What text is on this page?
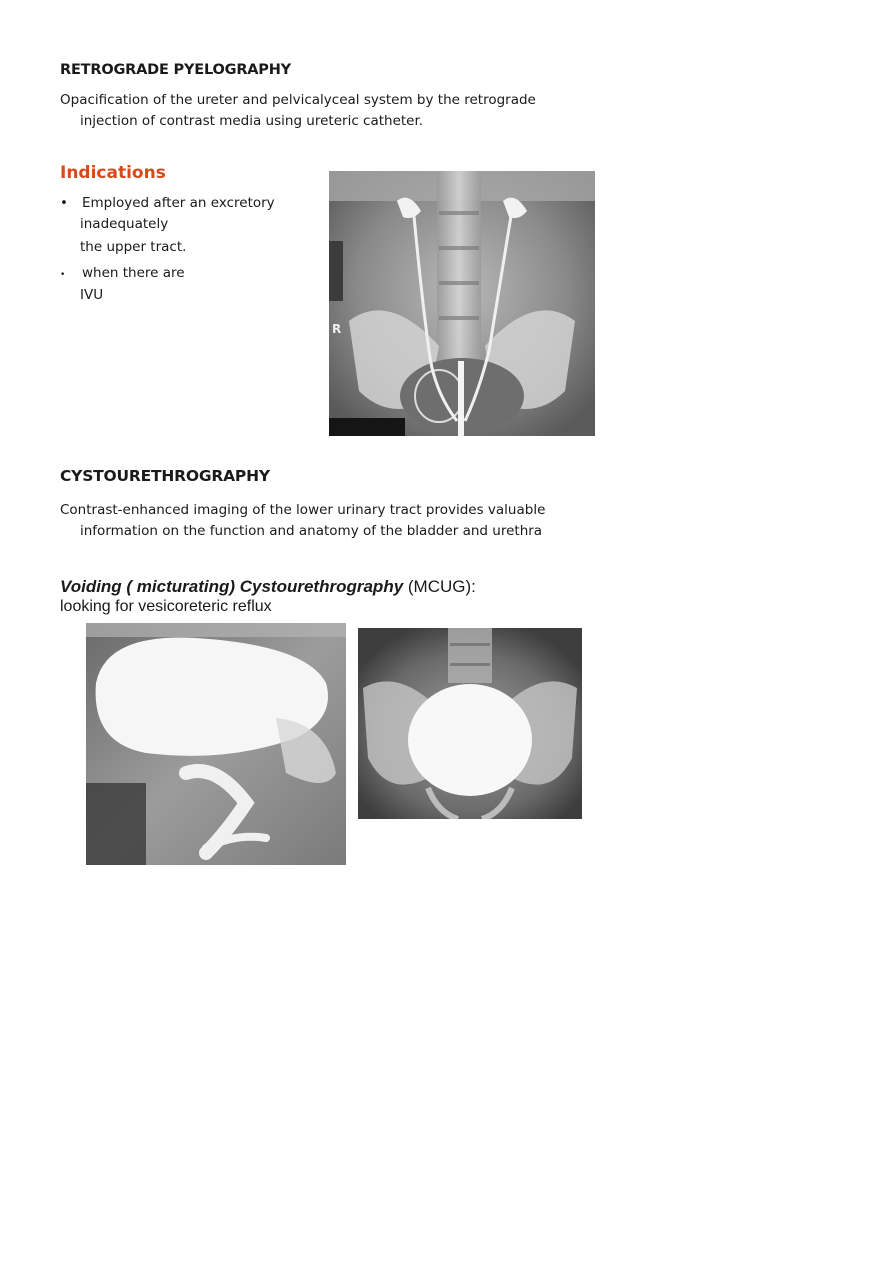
RETROGRADE PYELOGRAPHY
Opacification of the ureter and pelvicalyceal system by the retrograde
injection of contrast media using ureteric catheter.
Indications
• Employed after an excretory
inadequately
the upper tract.
• when there are
IVU
R
CYSTOURETHROGRAPHY
Contrast-enhanced imaging of the lower urinary tract provides valuable
information on the function and anatomy of the bladder and urethra
Voiding ( micturating) Cystourethrography (MCUG):
looking for vesicoreteric reflux
